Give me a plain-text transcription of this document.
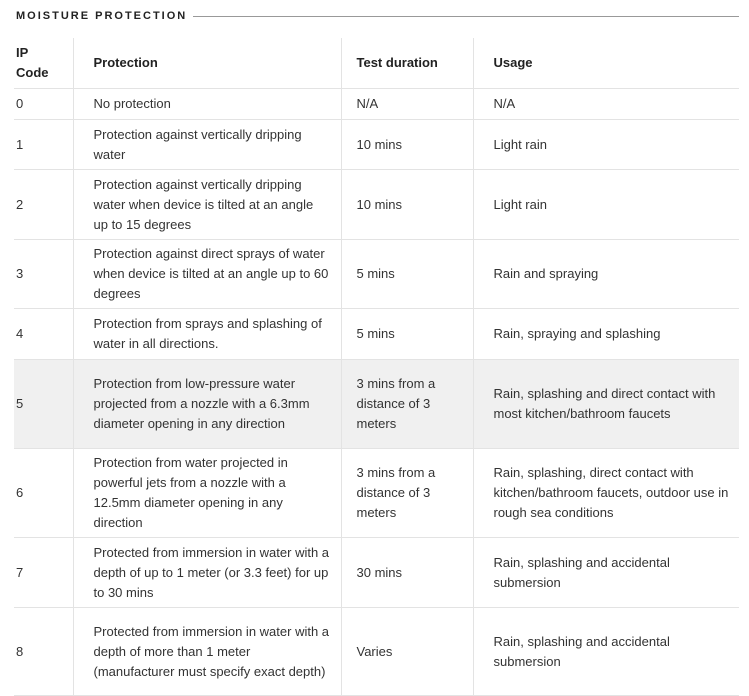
MOISTURE PROTECTION
IP Code	Protection	Test duration	Usage
0	No protection	N/A	N/A
1	Protection against vertically dripping water	10 mins	Light rain
2	Protection against vertically dripping water when device is tilted at an angle up to 15 degrees	10 mins	Light rain
3	Protection against direct sprays of water when device is tilted at an angle up to 60 degrees	5 mins	Rain and spraying
4	Protection from sprays and splashing of water in all directions.	5 mins	Rain, spraying and splashing
5	Protection from low-pressure water projected from a nozzle with a 6.3mm diameter opening in any direction	3 mins from a distance of 3 meters	Rain, splashing and direct contact with most kitchen/bathroom faucets
6	Protection from water projected in powerful jets from a nozzle with a 12.5mm diameter opening in any direction	3 mins from a distance of 3 meters	Rain, splashing, direct contact with kitchen/bathroom faucets, outdoor use in rough sea conditions
7	Protected from immersion in water with a depth of up to 1 meter (or 3.3 feet) for up to 30 mins	30 mins	Rain, splashing and accidental submersion
8	Protected from immersion in water with a depth of more than 1 meter (manufacturer must specify exact depth)	Varies	Rain, splashing and accidental submersion
